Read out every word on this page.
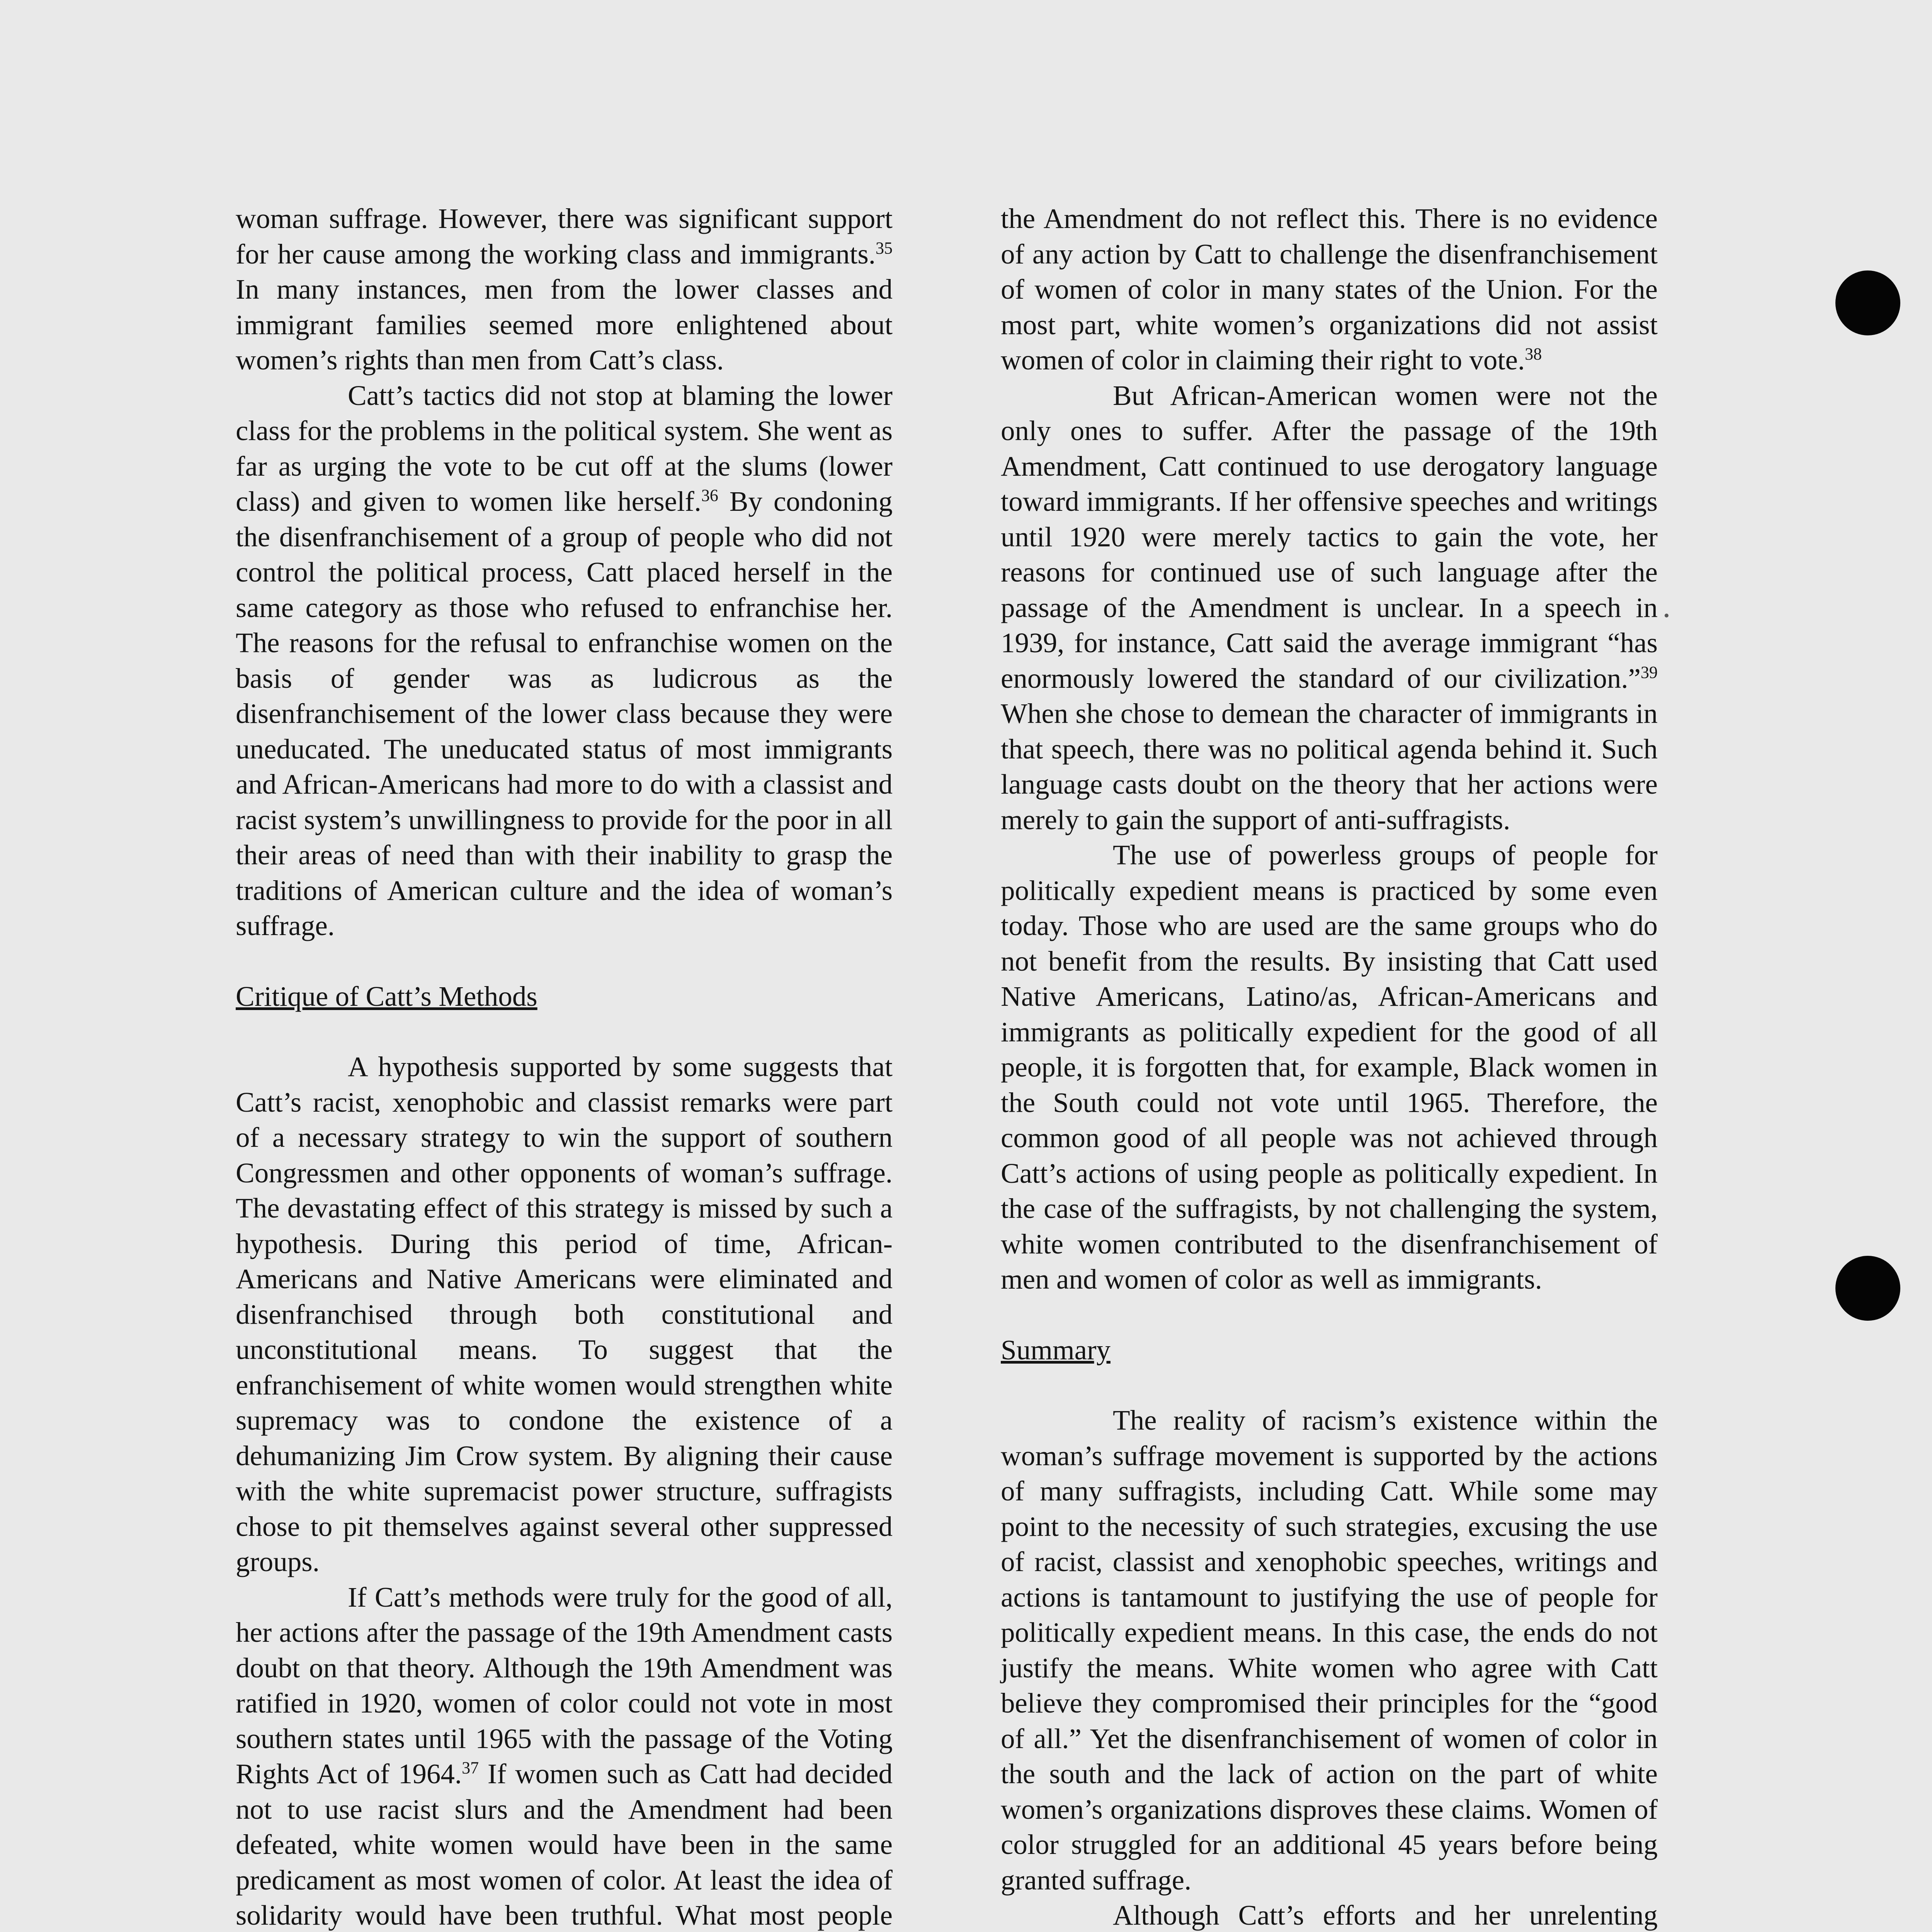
woman suffrage. However, there was significant support for her cause among the working class and immigrants.$^{35}$ In many instances, men from the lower classes and immigrant families seemed more enlightened about women’s rights than men from Catt’s class.

Catt’s tactics did not stop at blaming the lower class for the problems in the political system. She went as far as urging the vote to be cut off at the slums (lower class) and given to women like herself.$^{36}$ By condoning the disenfranchisement of a group of people who did not control the political process, Catt placed herself in the same category as those who refused to enfranchise her. The reasons for the refusal to enfranchise women on the basis of gender was as ludicrous as the disenfranchisement of the lower class because they were uneducated. The uneducated status of most immigrants and African-Americans had more to do with a classist and racist system’s unwillingness to provide for the poor in all their areas of need than with their inability to grasp the traditions of American culture and the idea of woman’s suffrage.

Critique of Catt’s Methods

A hypothesis supported by some suggests that Catt’s racist, xenophobic and classist remarks were part of a necessary strategy to win the support of southern Congressmen and other opponents of woman’s suffrage. The devastating effect of this strategy is missed by such a hypothesis. During this period of time, African-Americans and Native Americans were eliminated and disenfranchised through both constitutional and unconstitutional means. To suggest that the enfranchisement of white women would strengthen white supremacy was to condone the existence of a dehumanizing Jim Crow system. By aligning their cause with the white supremacist power structure, suffragists chose to pit themselves against several other suppressed groups.

If Catt’s methods were truly for the good of all, her actions after the passage of the 19th Amendment casts doubt on that theory. Although the 19th Amendment was ratified in 1920, women of color could not vote in most southern states until 1965 with the passage of the Voting Rights Act of 1964.37 If women such as Catt had decided not to use racist slurs and the Amendment had been defeated, white women would have been in the same predicament as most women of color. At least the idea of solidarity would have been truthful. What most people

the Amendment do not reflect this. There is no evidence of any action by Catt to challenge the disenfranchisement of women of color in many states of the Union. For the most part, white women’s organizations did not assist women of color in claiming their right to vote.$^{38}$

But African-American women were not the only ones to suffer. After the passage of the 19th Amendment, Catt continued to use derogatory language toward immigrants. If her offensive speeches and writings until 1920 were merely tactics to gain the vote, her reasons for continued use of such language after the passage of the Amendment is unclear. In a speech in 1939, for instance, Catt said the average immigrant “has enormously lowered the standard of our civilization.”$^{39}$ When she chose to demean the character of immigrants in that speech, there was no political agenda behind it. Such language casts doubt on the theory that her actions were merely to gain the support of anti-suffragists.

The use of powerless groups of people for politically expedient means is practiced by some even today. Those who are used are the same groups who do not benefit from the results. By insisting that Catt used Native Americans, Latino/as, African-Americans and immigrants as politically expedient for the good of all people, it is forgotten that, for example, Black women in the South could not vote until 1965. Therefore, the common good of all people was not achieved through Catt’s actions of using people as politically expedient. In the case of the suffragists, by not challenging the system, white women contributed to the disenfranchisement of men and women of color as well as immigrants.

Summary

The reality of racism’s existence within the woman’s suffrage movement is supported by the actions of many suffragists, including Catt. While some may point to the necessity of such strategies, excusing the use of racist, classist and xenophobic speeches, writings and actions is tantamount to justifying the use of people for politically expedient means. In this case, the ends do not justify the means. White women who agree with Catt believe they compromised their principles for the “good of all.” Yet the disenfranchisement of women of color in the south and the lack of action on the part of white women’s organizations disproves these claims. Women of color struggled for an additional 45 years before being granted suffrage.

Although Catt’s efforts and her unrelenting
